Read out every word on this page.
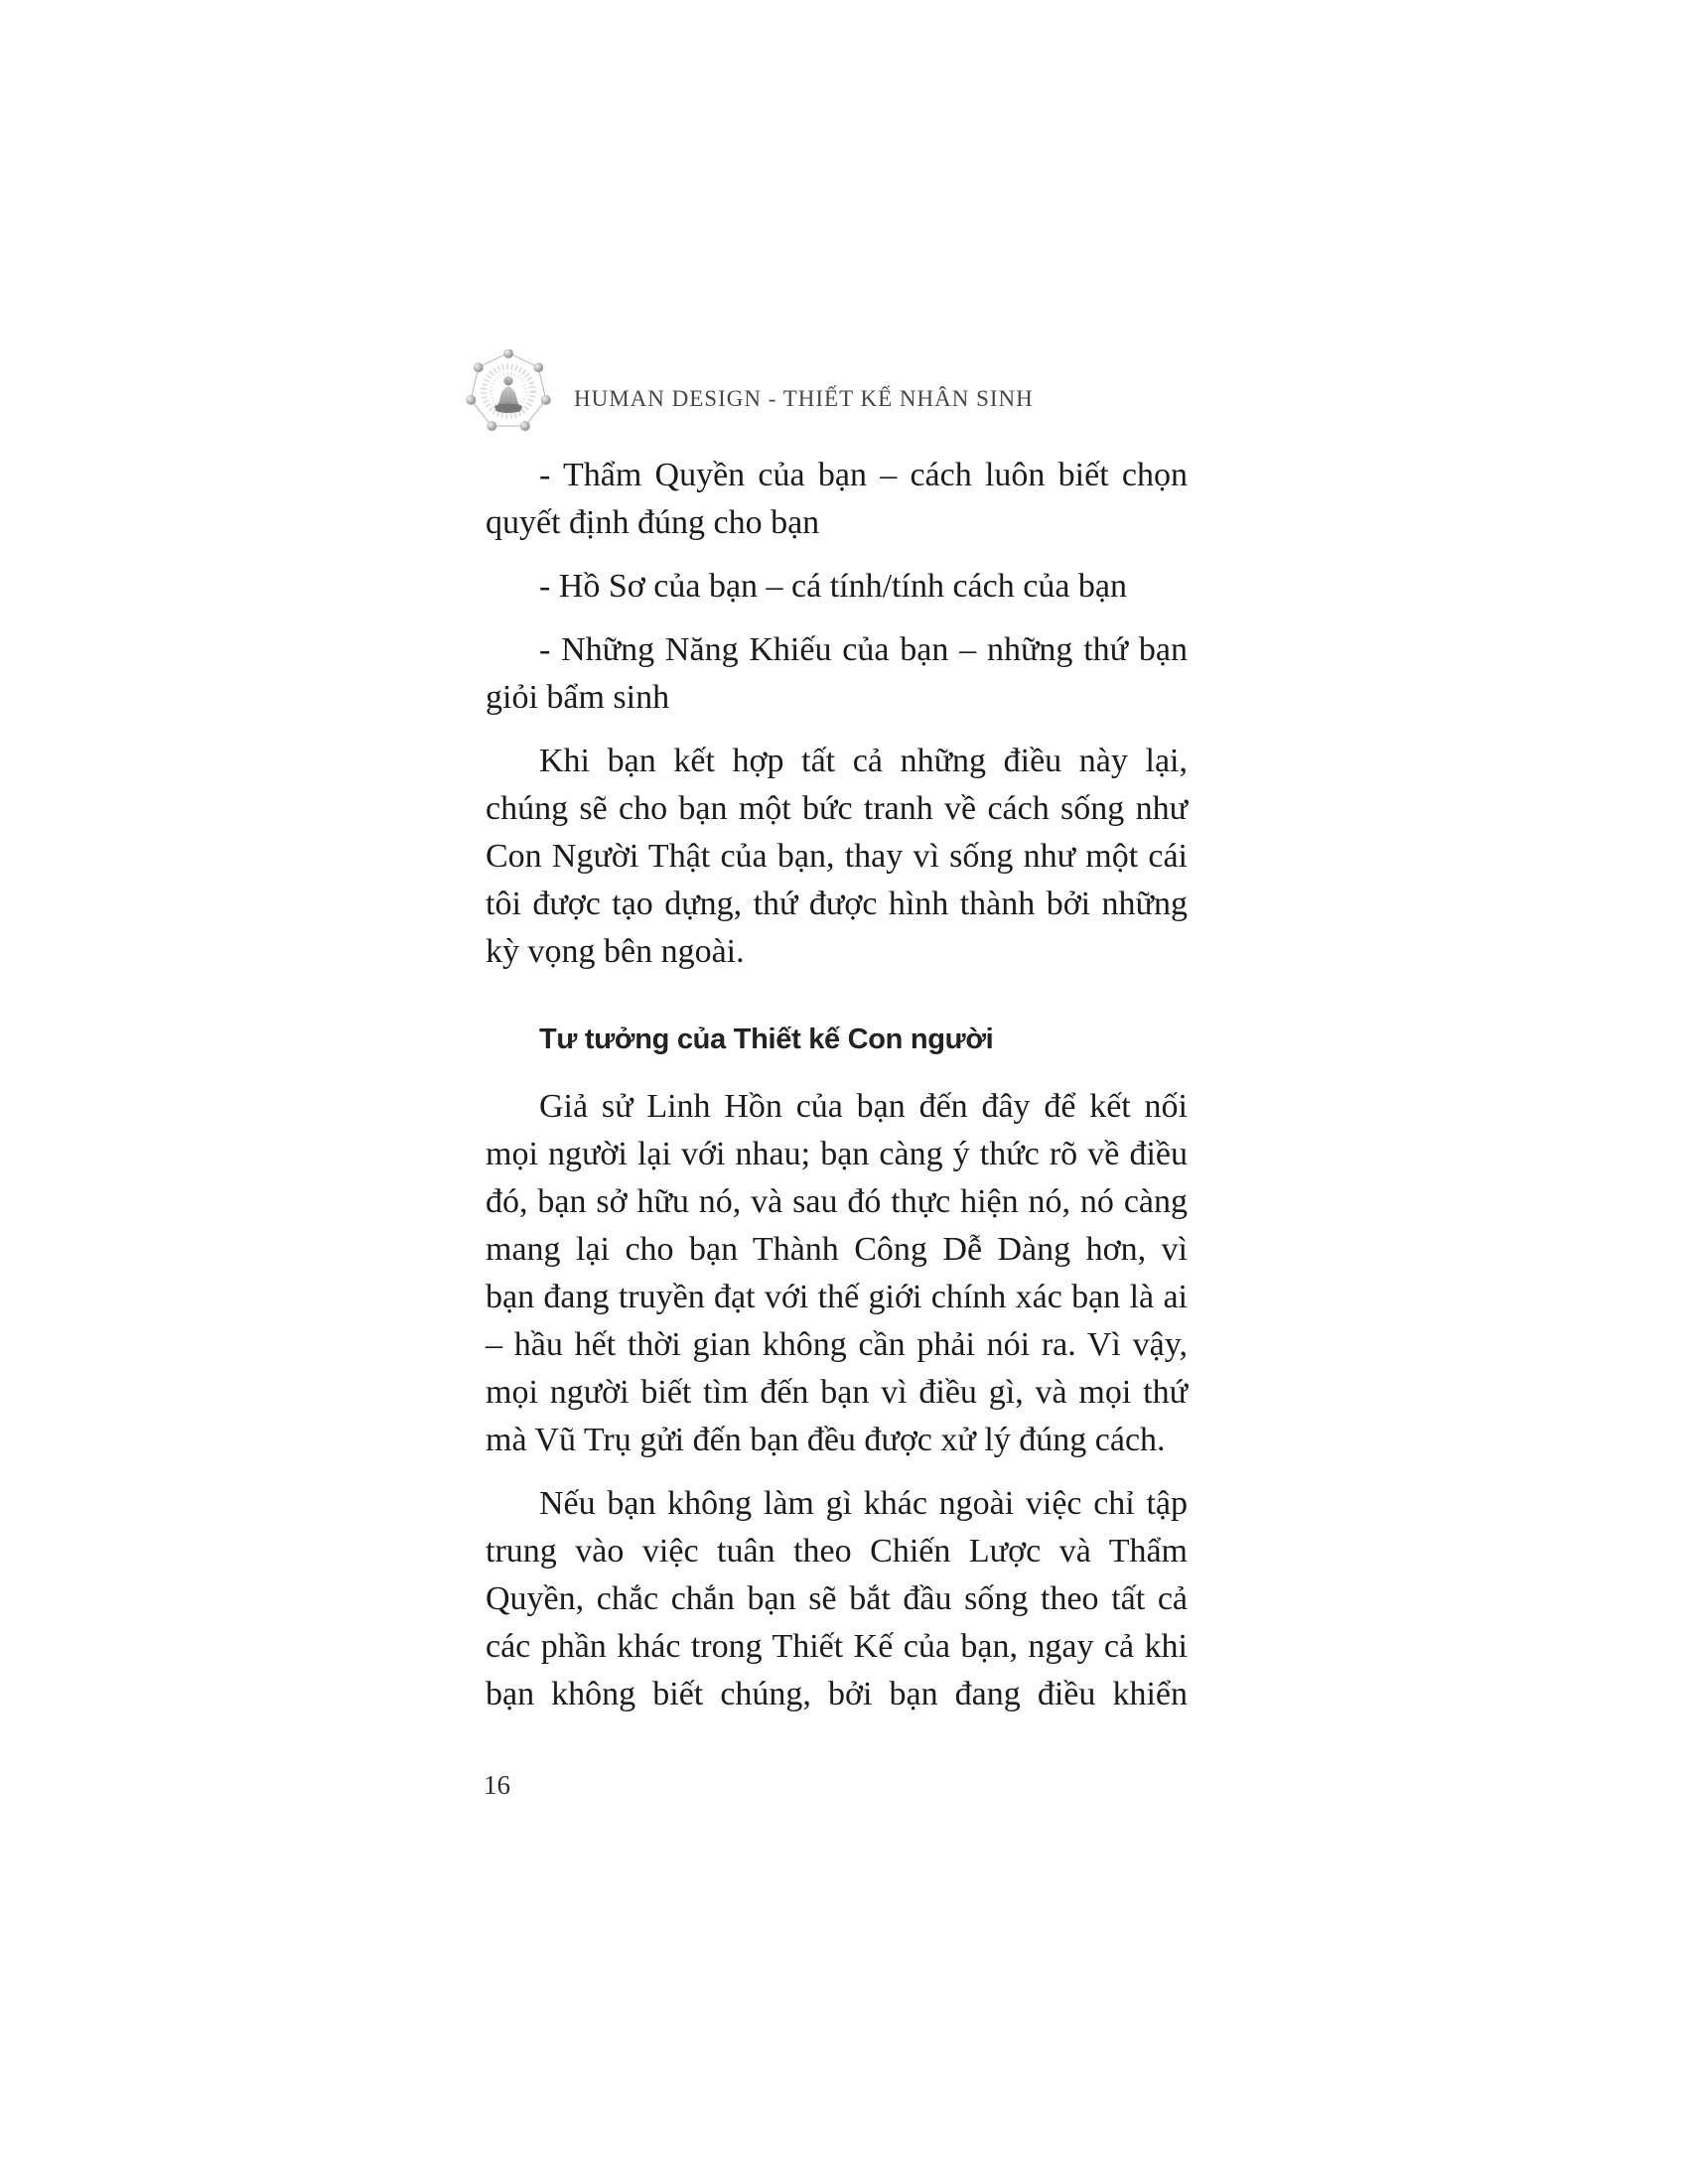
HUMAN DESIGN - THIẾT KẾ NHÂN SINH
- Thẩm Quyền của bạn – cách luôn biết chọn
quyết định đúng cho bạn
- Hồ Sơ của bạn – cá tính/tính cách của bạn
- Những Năng Khiếu của bạn – những thứ bạn
giỏi bẩm sinh
Khi bạn kết hợp tất cả những điều này lại,
chúng sẽ cho bạn một bức tranh về cách sống như
Con Người Thật của bạn, thay vì sống như một cái
tôi được tạo dựng, thứ được hình thành bởi những
kỳ vọng bên ngoài.
Tư tưởng của Thiết kế Con người
Giả sử Linh Hồn của bạn đến đây để kết nối
mọi người lại với nhau; bạn càng ý thức rõ về điều
đó, bạn sở hữu nó, và sau đó thực hiện nó, nó càng
mang lại cho bạn Thành Công Dễ Dàng hơn, vì
bạn đang truyền đạt với thế giới chính xác bạn là ai
– hầu hết thời gian không cần phải nói ra. Vì vậy,
mọi người biết tìm đến bạn vì điều gì, và mọi thứ
mà Vũ Trụ gửi đến bạn đều được xử lý đúng cách.
Nếu bạn không làm gì khác ngoài việc chỉ tập
trung vào việc tuân theo Chiến Lược và Thẩm
Quyền, chắc chắn bạn sẽ bắt đầu sống theo tất cả
các phần khác trong Thiết Kế của bạn, ngay cả khi
bạn không biết chúng, bởi bạn đang điều khiển
16
